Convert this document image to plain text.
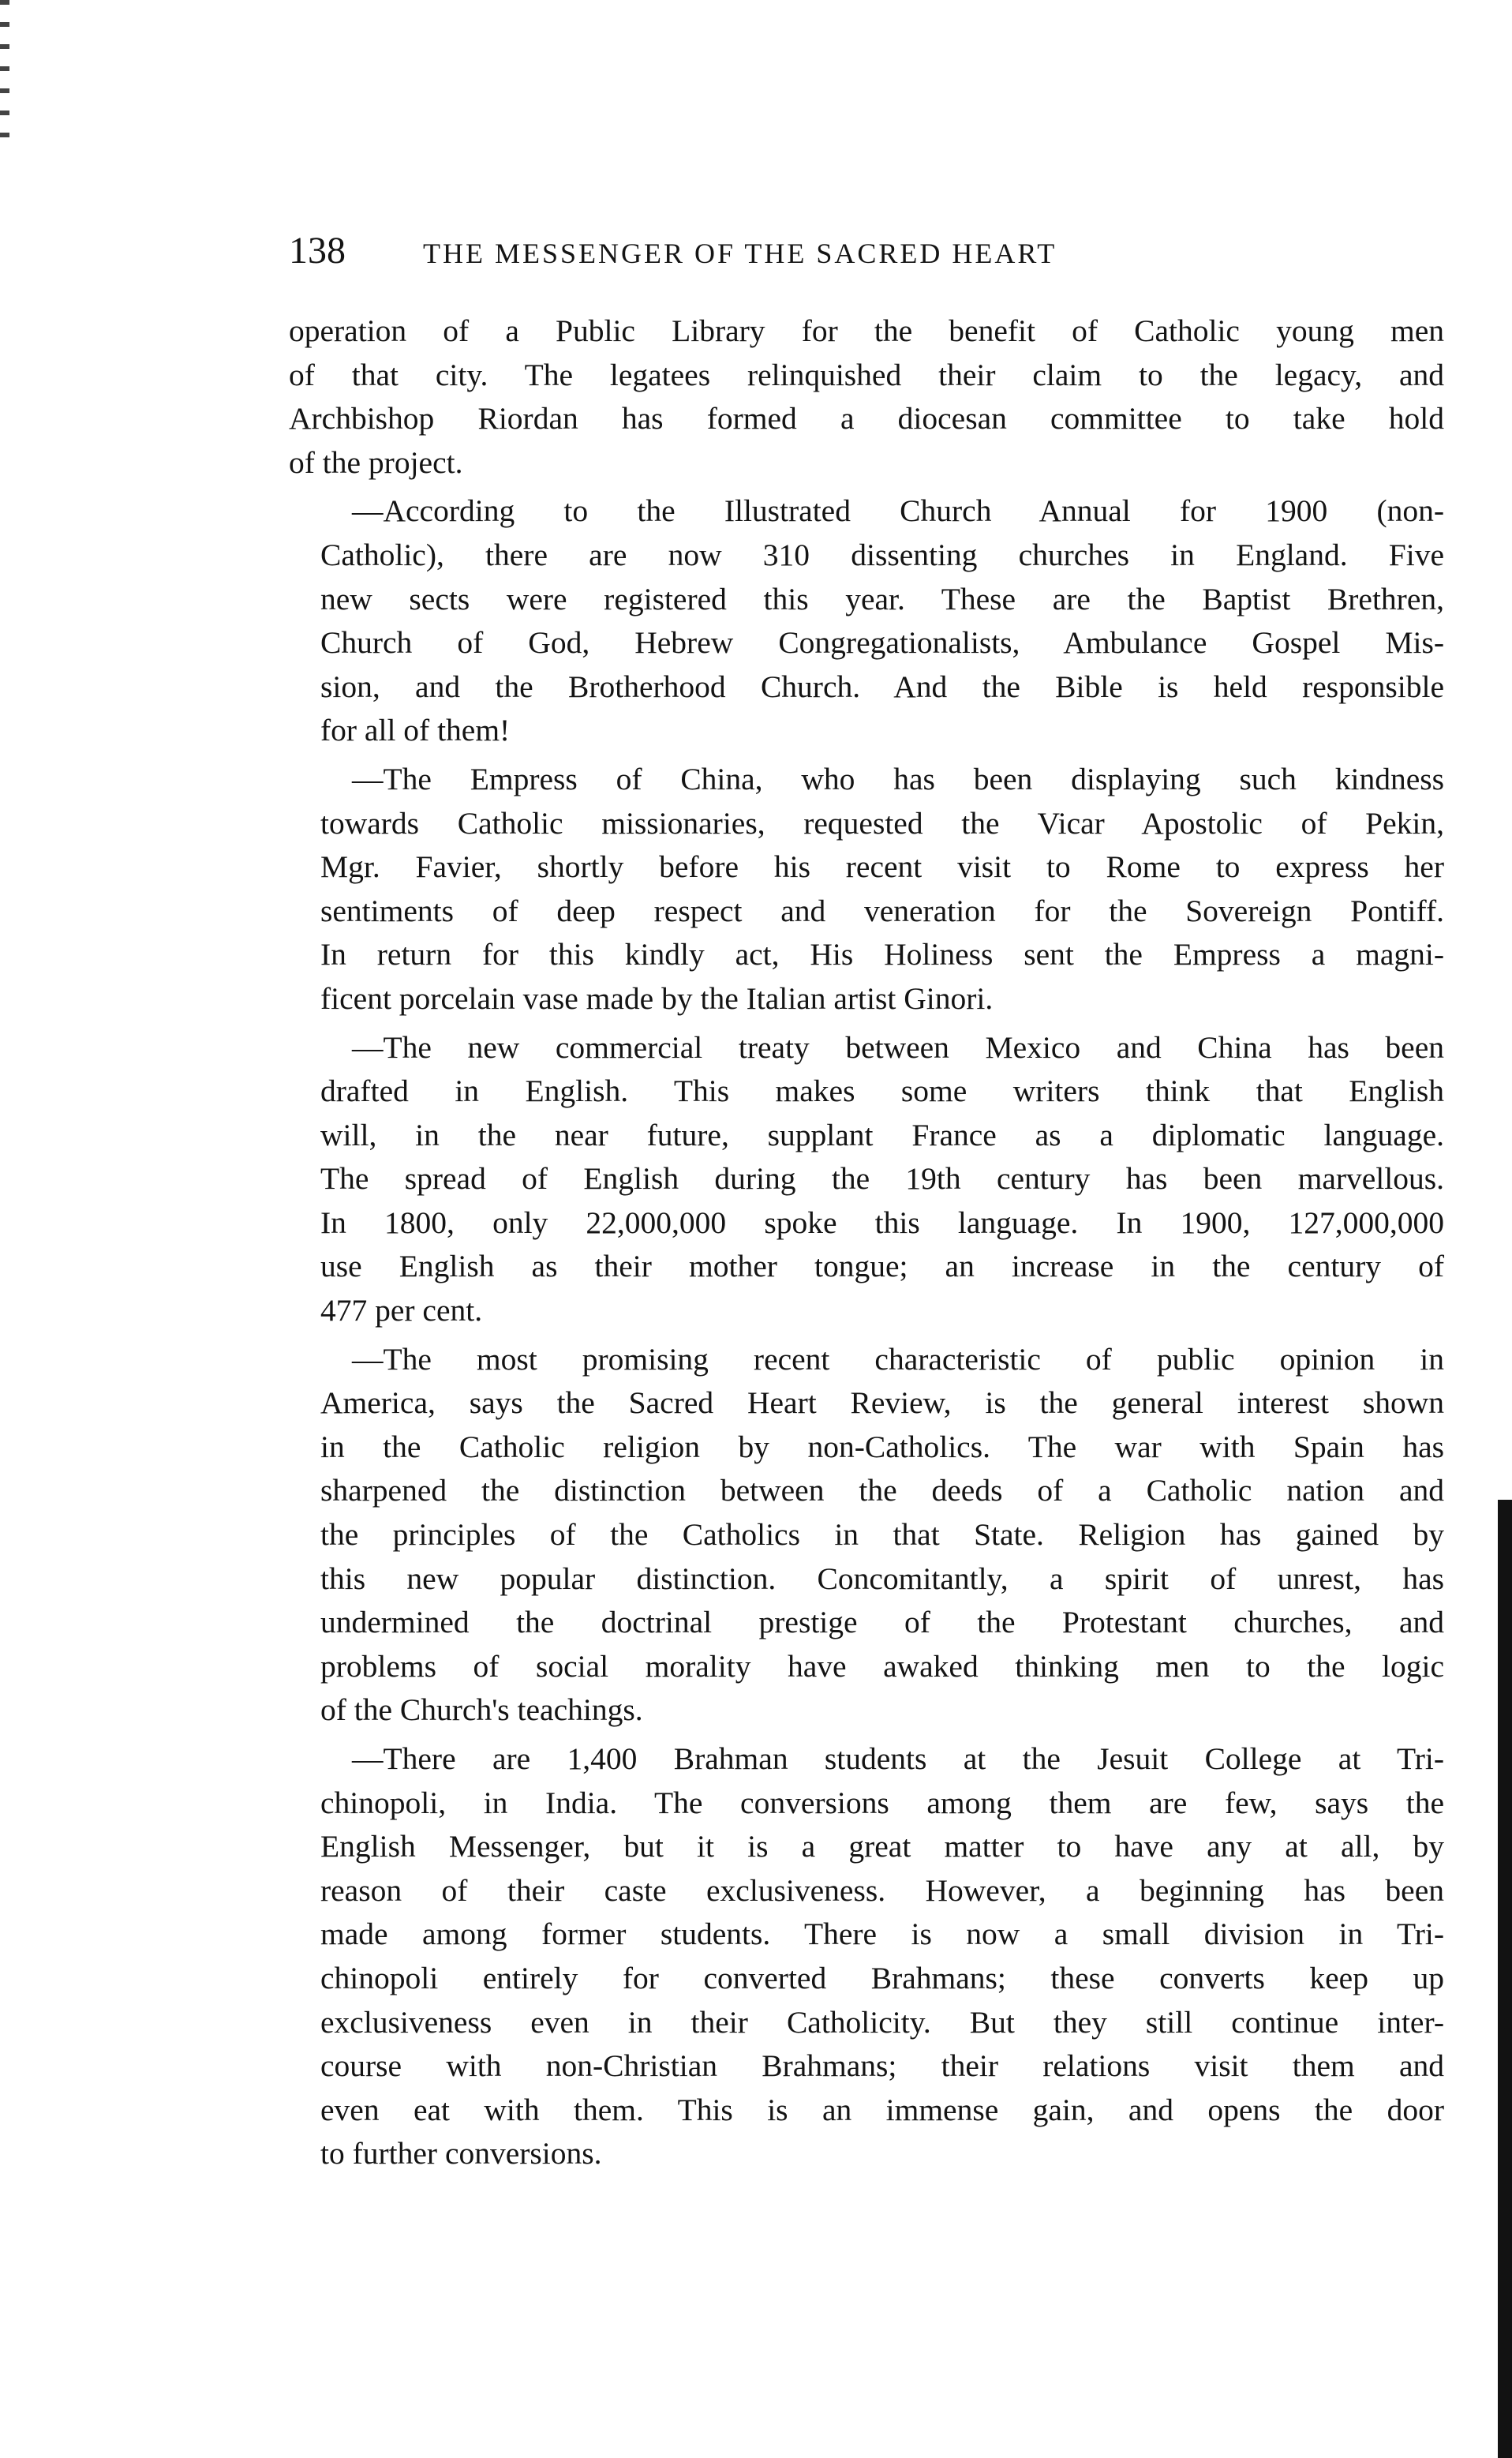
138	THE MESSENGER OF THE SACRED HEART
operation of a Public Library for the benefit of Catholic young men
of that city. The legatees relinquished their claim to the legacy, and
Archbishop Riordan has formed a diocesan committee to take hold
of the project.
—According to the Illustrated Church Annual for 1900 (non-
Catholic), there are now 310 dissenting churches in England. Five
new sects were registered this year. These are the Baptist Brethren,
Church of God, Hebrew Congregationalists, Ambulance Gospel Mis-
sion, and the Brotherhood Church. And the Bible is held responsible
for all of them!
—The Empress of China, who has been displaying such kindness
towards Catholic missionaries, requested the Vicar Apostolic of Pekin,
Mgr. Favier, shortly before his recent visit to Rome to express her
sentiments of deep respect and veneration for the Sovereign Pontiff.
In return for this kindly act, His Holiness sent the Empress a magni-
ficent porcelain vase made by the Italian artist Ginori.
—The new commercial treaty between Mexico and China has been
drafted in English. This makes some writers think that English
will, in the near future, supplant France as a diplomatic language.
The spread of English during the 19th century has been marvellous.
In 1800, only 22,000,000 spoke this language. In 1900, 127,000,000
use English as their mother tongue; an increase in the century of
477 per cent.
—The most promising recent characteristic of public opinion in
America, says the Sacred Heart Review, is the general interest shown
in the Catholic religion by non-Catholics. The war with Spain has
sharpened the distinction between the deeds of a Catholic nation and
the principles of the Catholics in that State. Religion has gained by
this new popular distinction. Concomitantly, a spirit of unrest, has
undermined the doctrinal prestige of the Protestant churches, and
problems of social morality have awaked thinking men to the logic
of the Church's teachings.
—There are 1,400 Brahman students at the Jesuit College at Tri-
chinopoli, in India. The conversions among them are few, says the
English Messenger, but it is a great matter to have any at all, by
reason of their caste exclusiveness. However, a beginning has been
made among former students. There is now a small division in Tri-
chinopoli entirely for converted Brahmans; these converts keep up
exclusiveness even in their Catholicity. But they still continue inter-
course with non-Christian Brahmans; their relations visit them and
even eat with them. This is an immense gain, and opens the door
to further conversions.
